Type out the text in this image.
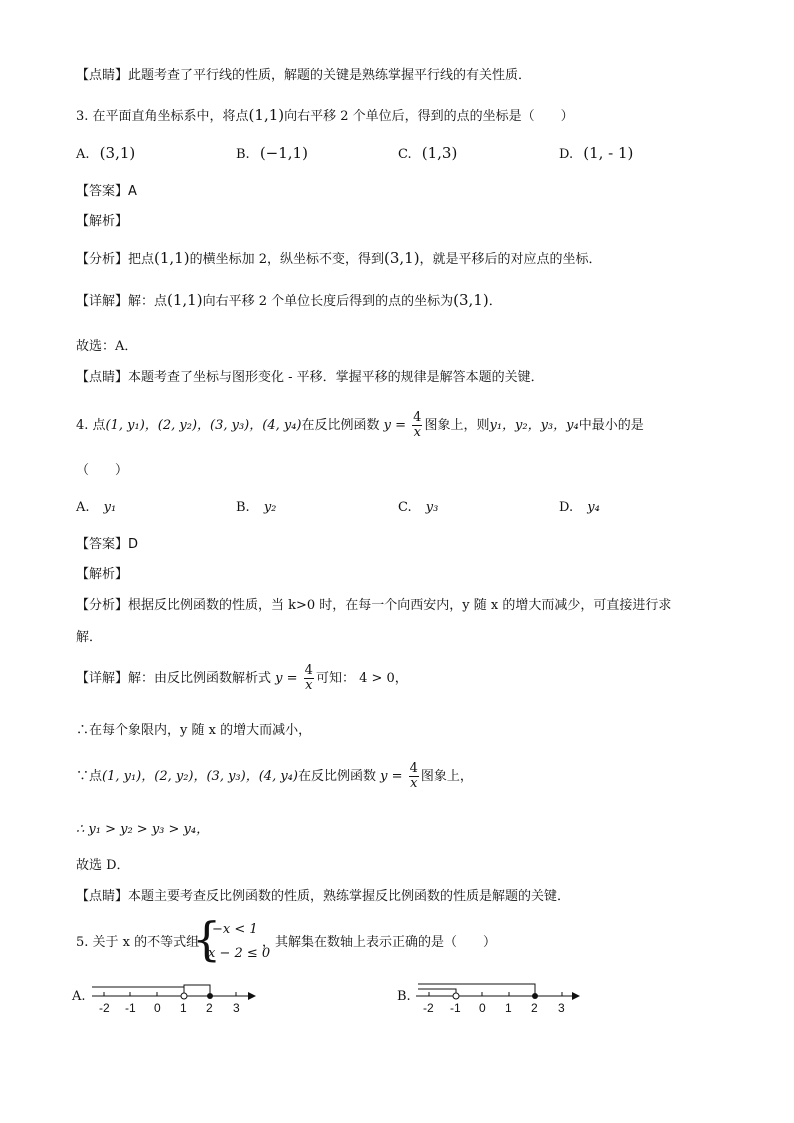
【点睛】此题考查了平行线的性质，解题的关键是熟练掌握平行线的有关性质．
3. 在平面直角坐标系中，将点(1,1)向右平移 2 个单位后，得到的点的坐标是（　　）
A. (3,1)	B. (−1,1)	C. (1,3)	D. (1, - 1)
【答案】A
【解析】
【分析】把点(1,1)的横坐标加 2，纵坐标不变，得到(3,1)，就是平移后的对应点的坐标．
【详解】解：点(1,1)向右平移 2 个单位长度后得到的点的坐标为(3,1)．
故选：A．
【点睛】本题考查了坐标与图形变化 - 平移．掌握平移的规律是解答本题的关键．
4. 点(1, y₁)，(2, y₂)，(3, y₃)，(4, y₄)在反比例函数 $y = \frac{4}{x}$ 图象上，则y₁，y₂，y₃，y₄中最小的是
（　　）
A. y₁	B. y₂	C. y₃	D. y₄
【答案】D
【解析】
【分析】根据反比例函数的性质，当 k>0 时，在每一个向西安内，y 随 x 的增大而减少，可直接进行求
解．
【详解】解：由反比例函数解析式 $y = \frac{4}{x}$ 可知： 4 > 0，
∴在每个象限内，y 随 x 的增大而减小，
∵点(1, y₁)，(2, y₂)，(3, y₃)，(4, y₄)在反比例函数 $y = \frac{4}{x}$ 图象上，
∴ y₁ > y₂ > y₃ > y₄，
故选 D．
【点睛】本题主要考查反比例函数的性质，熟练掌握反比例函数的性质是解题的关键．
5. 关于 x 的不等式组
{
−x < 1
x − 2 ≤ 0
，其解集在数轴上表示正确的是（　　）
A.
-2 -1 0 1 2 3
B.
-2 -1 0 1 2 3
